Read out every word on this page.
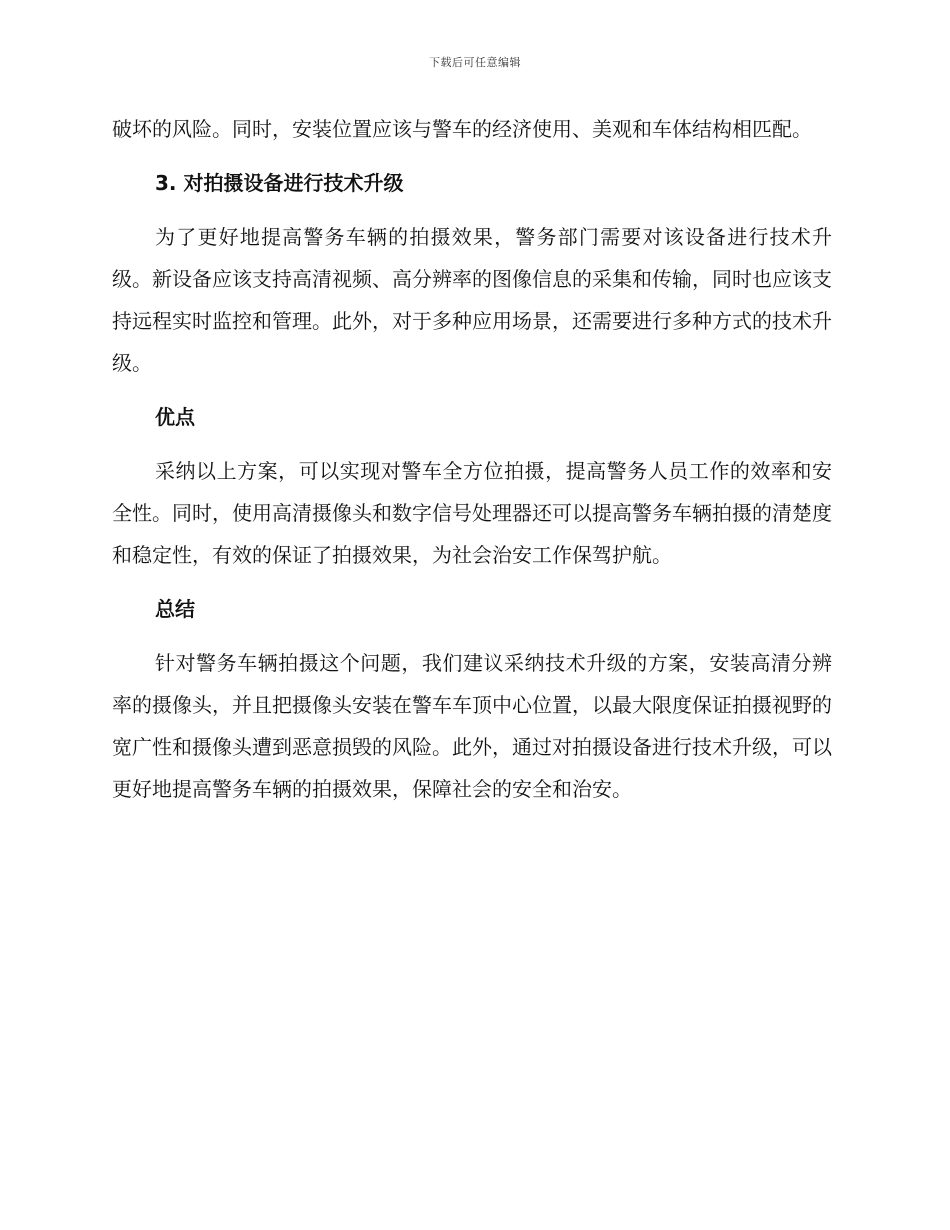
下载后可任意编辑

破坏的风险。同时，安装位置应该与警车的经济使用、美观和车体结构相匹配。

3. 对拍摄设备进行技术升级

为了更好地提高警务车辆的拍摄效果，警务部门需要对该设备进行技术升级。新设备应该支持高清视频、高分辨率的图像信息的采集和传输，同时也应该支持远程实时监控和管理。此外，对于多种应用场景，还需要进行多种方式的技术升级。

优点

采纳以上方案，可以实现对警车全方位拍摄，提高警务人员工作的效率和安全性。同时，使用高清摄像头和数字信号处理器还可以提高警务车辆拍摄的清楚度和稳定性，有效的保证了拍摄效果，为社会治安工作保驾护航。

总结

针对警务车辆拍摄这个问题，我们建议采纳技术升级的方案，安装高清分辨率的摄像头，并且把摄像头安装在警车车顶中心位置，以最大限度保证拍摄视野的宽广性和摄像头遭到恶意损毁的风险。此外，通过对拍摄设备进行技术升级，可以更好地提高警务车辆的拍摄效果，保障社会的安全和治安。
